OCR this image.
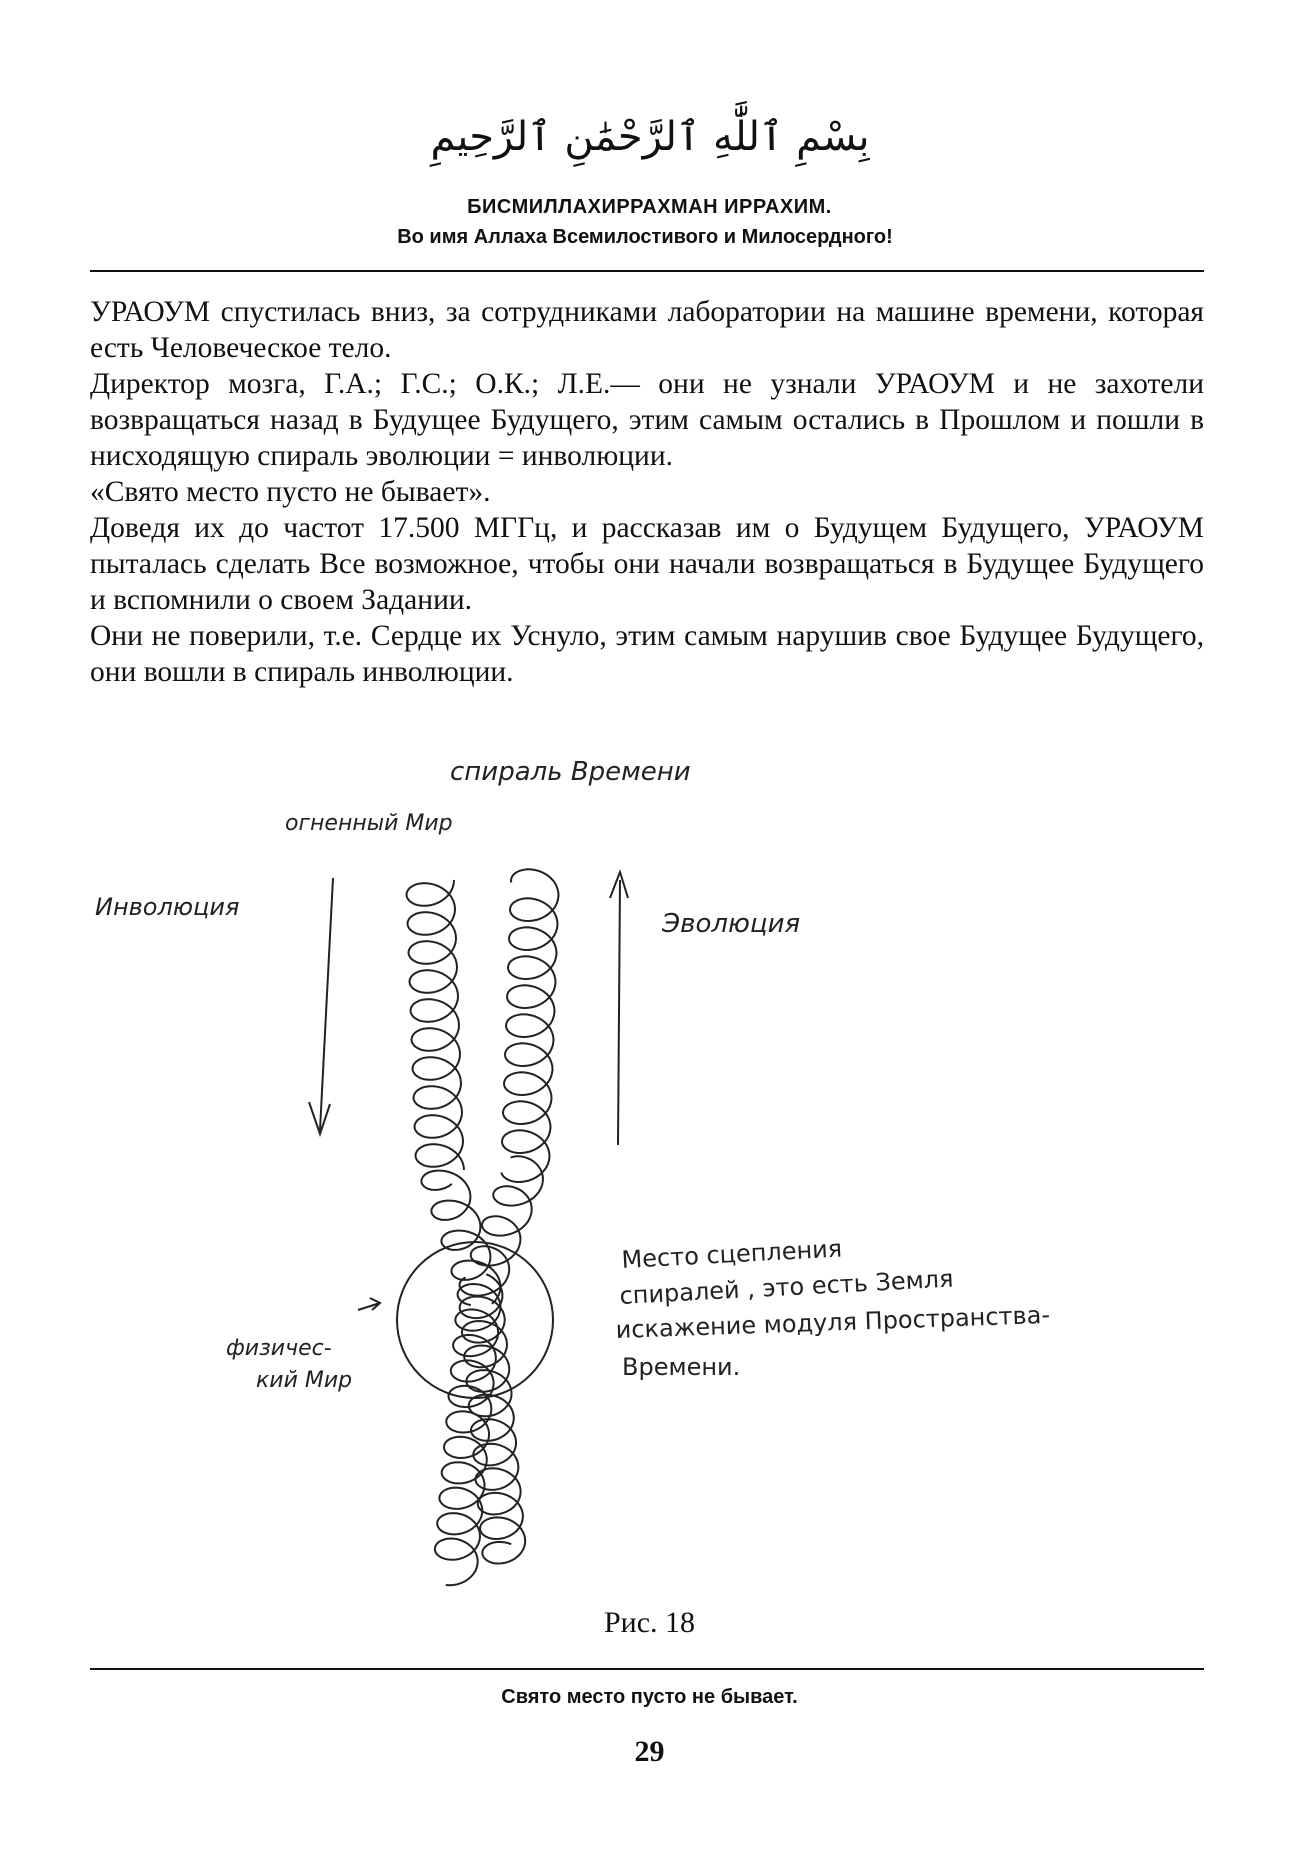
بِسْمِ ٱللَّٰهِ ٱلرَّحْمَٰنِ ٱلرَّحِيمِ
БИСМИЛЛАХИРРАХМАН ИРРАХИМ.
Во имя Аллаха Всемилостивого и Милосердного!

УРАОУМ спустилась вниз, за сотрудниками лаборатории на машине времени, которая есть Человеческое тело.

Директор мозга, Г.А.; Г.С.; О.К.; Л.Е.— они не узнали УРАОУМ и не захотели возвращаться назад в Будущее Будущего, этим самым остались в Прошлом и пошли в нисходящую спираль эволюции = инволюции.

«Свято место пусто не бывает».

Доведя их до частот 17.500 МГГц, и рассказав им о Будущем Будущего, УРАОУМ пыталась сделать Все возможное, чтобы они начали возвращаться в Будущее Будущего и вспомнили о своем Задании.

Они не поверили, т.е. Сердце их Уснуло, этим самым нарушив свое Будущее Будущего, они вошли в спираль инволюции.

спираль Времени
огненный Мир
Инволюция
Эволюция
физичес-
кий Мир
Место сцепления
спиралей , это есть Земля
искажение модуля Пространства-
Времени.
Рис. 18
Свято место пусто не бывает.
29
